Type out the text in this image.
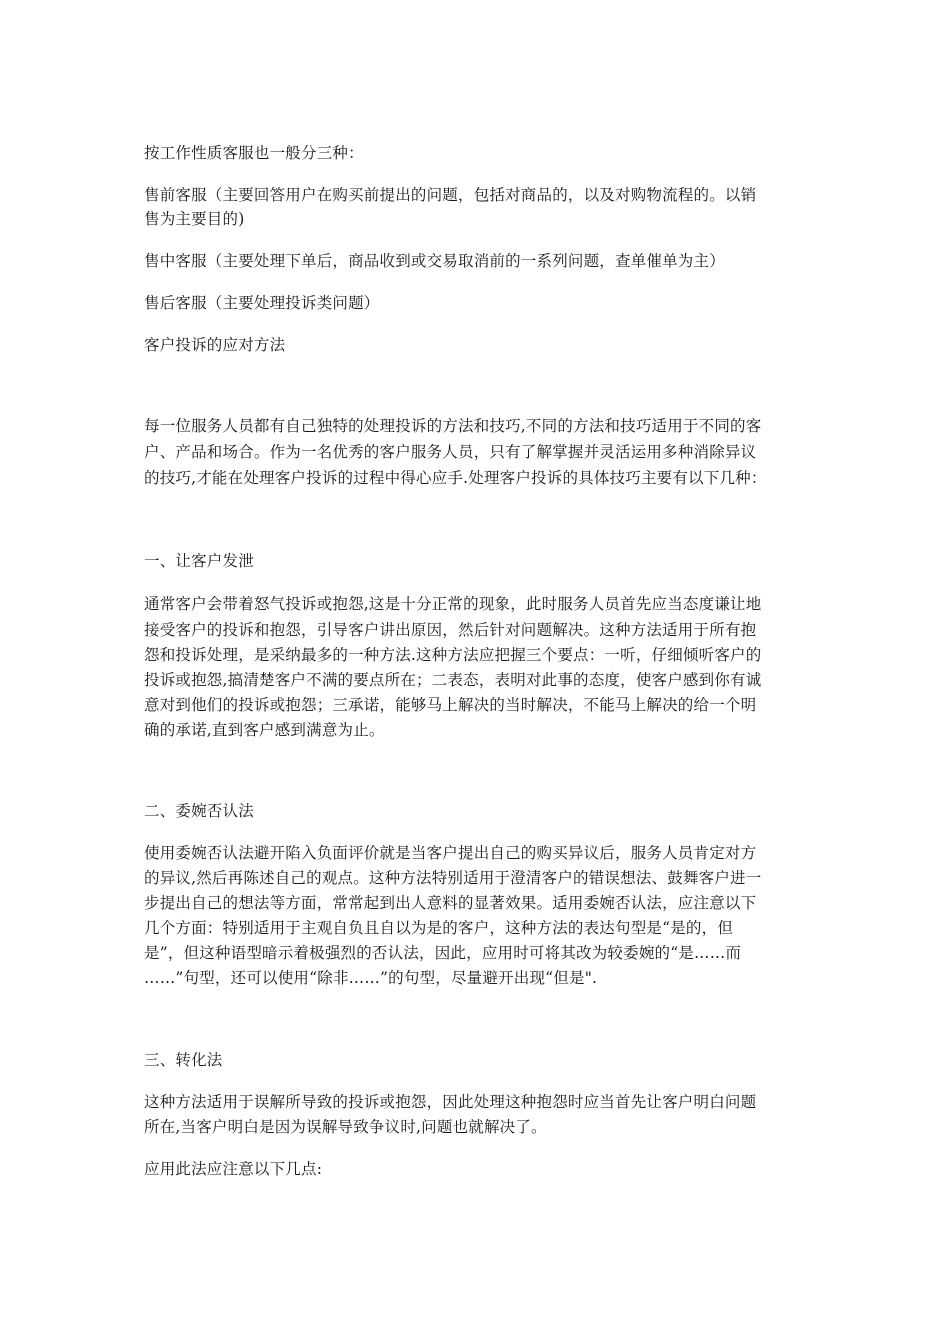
按工作性质客服也一般分三种：
售前客服（主要回答用户在购买前提出的问题，包括对商品的，以及对购物流程的。以销
售为主要目的)
售中客服（主要处理下单后，商品收到或交易取消前的一系列问题，查单催单为主）
售后客服（主要处理投诉类问题）
客户投诉的应对方法
每一位服务人员都有自己独特的处理投诉的方法和技巧,不同的方法和技巧适用于不同的客
户、产品和场合。作为一名优秀的客户服务人员，只有了解掌握并灵活运用多种消除异议
的技巧,才能在处理客户投诉的过程中得心应手.处理客户投诉的具体技巧主要有以下几种：
一、让客户发泄
通常客户会带着怒气投诉或抱怨,这是十分正常的现象，此时服务人员首先应当态度谦让地
接受客户的投诉和抱怨，引导客户讲出原因，然后针对问题解决。这种方法适用于所有抱
怨和投诉处理，是采纳最多的一种方法.这种方法应把握三个要点：一听，仔细倾听客户的
投诉或抱怨,搞清楚客户不满的要点所在；二表态，表明对此事的态度，使客户感到你有诚
意对到他们的投诉或抱怨；三承诺，能够马上解决的当时解决，不能马上解决的给一个明
确的承诺,直到客户感到满意为止。
二、委婉否认法
使用委婉否认法避开陷入负面评价就是当客户提出自己的购买异议后，服务人员肯定对方
的异议,然后再陈述自己的观点。这种方法特别适用于澄清客户的错误想法、鼓舞客户进一
步提出自己的想法等方面，常常起到出人意料的显著效果。适用委婉否认法，应注意以下
几个方面：特别适用于主观自负且自以为是的客户，这种方法的表达句型是“是的，但
是”，但这种语型暗示着极强烈的否认法，因此，应用时可将其改为较委婉的“是……而
……”句型，还可以使用“除非……”的句型，尽量避开出现“但是".
三、转化法
这种方法适用于误解所导致的投诉或抱怨，因此处理这种抱怨时应当首先让客户明白问题
所在,当客户明白是因为误解导致争议时,问题也就解决了。
应用此法应注意以下几点:
